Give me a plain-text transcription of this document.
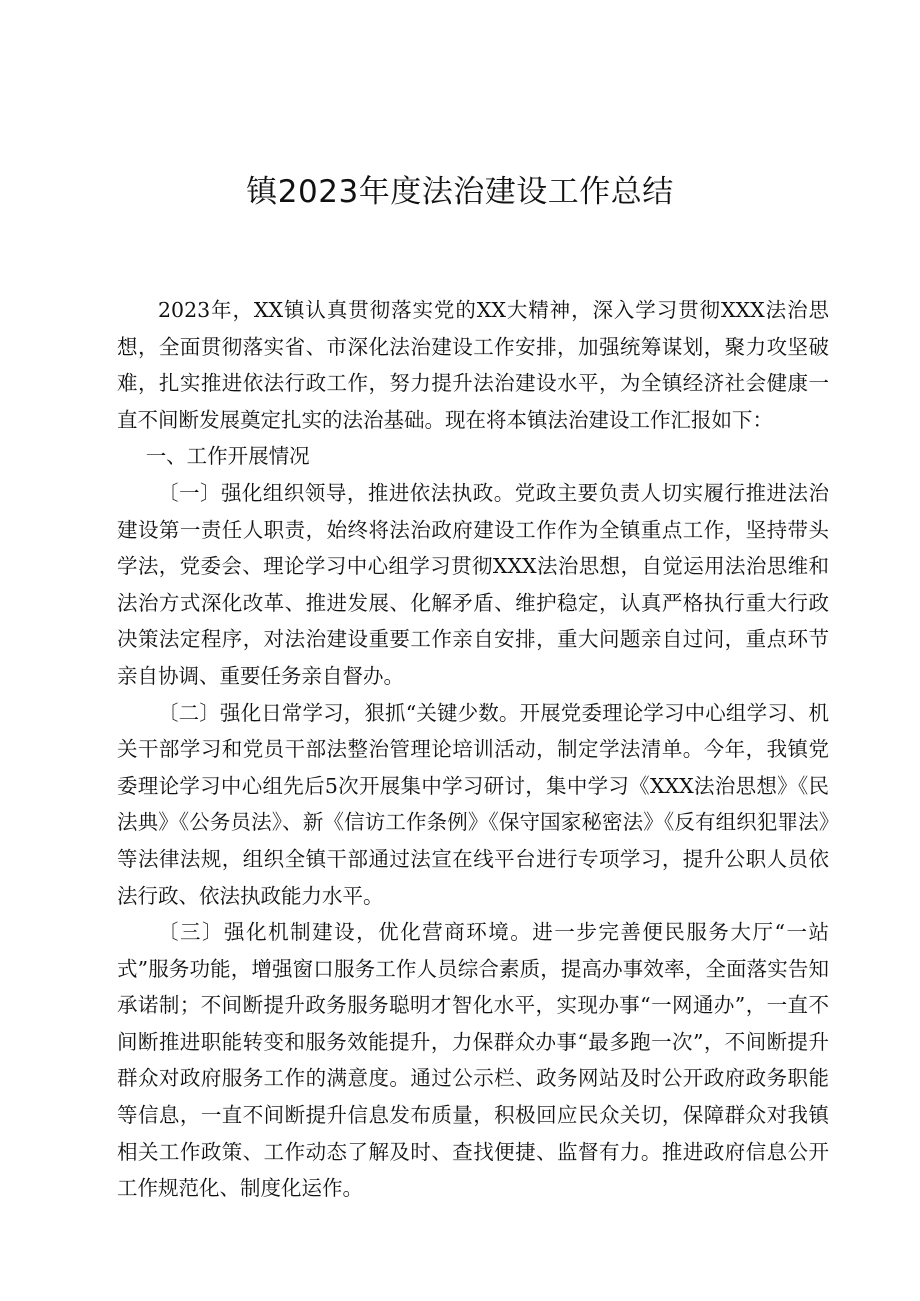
镇2023年度法治建设工作总结

2023年，XX镇认真贯彻落实党的XX大精神，深入学习贯彻XXX法治思想，全面贯彻落实省、市深化法治建设工作安排，加强统筹谋划，聚力攻坚破难，扎实推进依法行政工作，努力提升法治建设水平，为全镇经济社会健康一直不间断发展奠定扎实的法治基础。现在将本镇法治建设工作汇报如下：

一、工作开展情况

〔一〕强化组织领导，推进依法执政。党政主要负责人切实履行推进法治建设第一责任人职责，始终将法治政府建设工作作为全镇重点工作，坚持带头学法，党委会、理论学习中心组学习贯彻XXX法治思想，自觉运用法治思维和法治方式深化改革、推进发展、化解矛盾、维护稳定，认真严格执行重大行政决策法定程序，对法治建设重要工作亲自安排，重大问题亲自过问，重点环节亲自协调、重要任务亲自督办。

〔二〕强化日常学习，狠抓“关键少数。开展党委理论学习中心组学习、机关干部学习和党员干部法整治管理论培训活动，制定学法清单。今年，我镇党委理论学习中心组先后5次开展集中学习研讨，集中学习《XXX法治思想》《民法典》《公务员法》、新《信访工作条例》《保守国家秘密法》《反有组织犯罪法》等法律法规，组织全镇干部通过法宣在线平台进行专项学习，提升公职人员依法行政、依法执政能力水平。

〔三〕强化机制建设，优化营商环境。进一步完善便民服务大厅“一站式”服务功能，增强窗口服务工作人员综合素质，提高办事效率，全面落实告知承诺制；不间断提升政务服务聪明才智化水平，实现办事“一网通办”，一直不间断推进职能转变和服务效能提升，力保群众办事“最多跑一次”，不间断提升群众对政府服务工作的满意度。通过公示栏、政务网站及时公开政府政务职能等信息，一直不间断提升信息发布质量，积极回应民众关切，保障群众对我镇相关工作政策、工作动态了解及时、查找便捷、监督有力。推进政府信息公开工作规范化、制度化运作。
